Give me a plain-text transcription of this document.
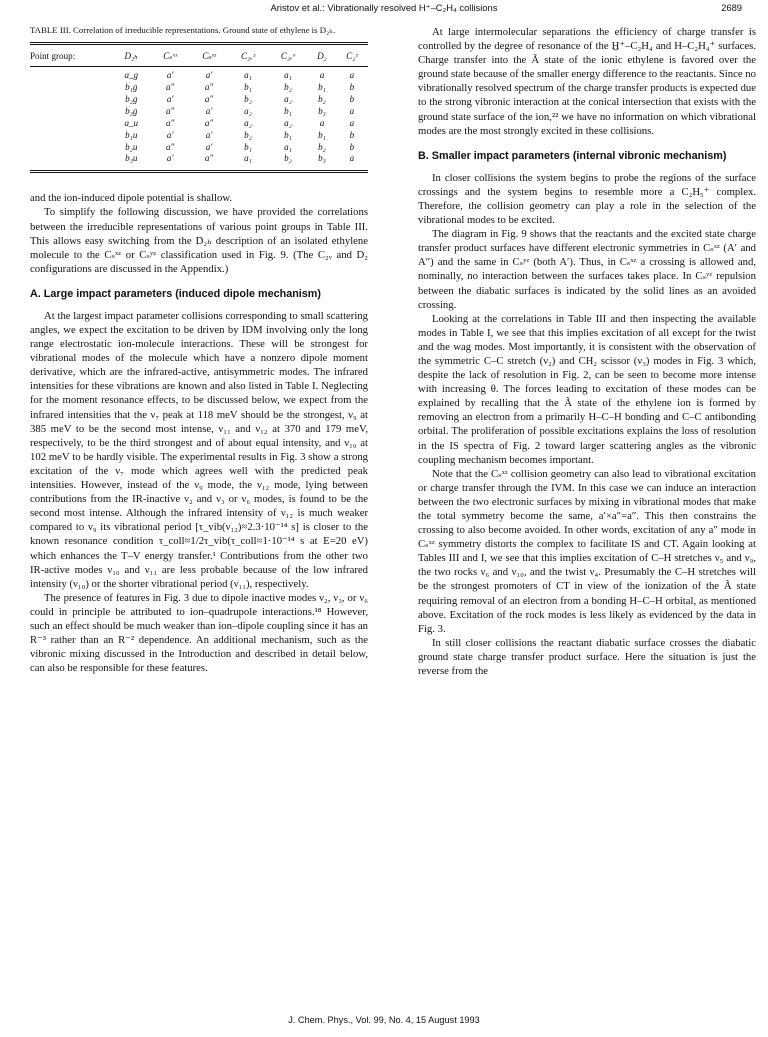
Aristov et al.: Vibrationally resolved H⁺–C₂H₄ collisions	2689
TABLE III. Correlation of irreducible representations. Ground state of ethylene is D₂ₕ.
Point group:	D₂ₕ	Cₛˣᶻ	Cₛʸᶻ	C₂ᵥᶻ	C₂ᵥˣ	D₂	C₂ᶻ
	a_g	a′	a′	a₁	a₁	a	a
	b₁g	a″	a″	b₁	b₂	b₁	b
	b₂g	a′	a″	b₂	a₂	b₂	b
	b₃g	a″	a′	a₂	b₁	b₃	a
	a_u	a″	a″	a₂	a₂	a	a
	b₁u	a′	a′	b₂	b₁	b₁	b
	b₂u	a″	a′	b₁	a₁	b₂	b
	b₃u	a′	a″	a₁	b₂	b₃	a

and the ion-induced dipole potential is shallow.

To simplify the following discussion, we have provided the correlations between the irreducible representations of various point groups in Table III. This allows easy switching from the D₂ₕ description of an isolated ethylene molecule to the Cₛˣᶻ or Cₛʸᶻ classification used in Fig. 9. (The C₂ᵥ and D₂ configurations are discussed in the Appendix.)

A. Large impact parameters (induced dipole mechanism)

At the largest impact parameter collisions corresponding to small scattering angles, we expect the excitation to be driven by IDM involving only the long range electrostatic ion-molecule interactions. These will be strongest for vibrational modes of the molecule which have a nonzero dipole moment derivative, which are the infrared-active, antisymmetric modes. The infrared intensities for these vibrations are known and also listed in Table I. Neglecting for the moment resonance effects, to be discussed below, we expect from the infrared intensities that the ν₇ peak at 118 meV should be the strongest, ν₉ at 385 meV to be the second most intense, ν₁₁ and ν₁₂ at 370 and 179 meV, respectively, to be the third strongest and of about equal intensity, and ν₁₀ at 102 meV to be hardly visible. The experimental results in Fig. 3 show a strong excitation of the ν₇ mode which agrees well with the predicted peak intensities. However, instead of the ν₉ mode, the ν₁₂ mode, lying between contributions from the IR-inactive ν₂ and ν₃ or ν₆ modes, is found to be the second most intense. Although the infrared intensity of ν₁₂ is much weaker compared to ν₉ its vibrational period [τ_vib(ν₁₂)≈2.3·10⁻¹⁴ s] is closer to the known resonance condition τ_coll≈1/2τ_vib(τ_coll≈1·10⁻¹⁴ s at E=20 eV) which enhances the T–V energy transfer.¹ Contributions from the other two IR-active modes ν₁₀ and ν₁₁ are less probable because of the low infrared intensity (ν₁₀) or the shorter vibrational period (ν₁₁), respectively.

The presence of features in Fig. 3 due to dipole inactive modes ν₂, ν₃, or ν₆ could in principle be attributed to ion–quadrupole interactions.¹⁸ However, such an effect should be much weaker than ion–dipole coupling since it has an R⁻³ rather than an R⁻² dependence. An additional mechanism, such as the vibronic mixing discussed in the Introduction and described in detail below, can also be responsible for these features.

At large intermolecular separations the efficiency of charge transfer is controlled by the degree of resonance of the H̲⁺–C₂H₄ and H–C₂H₄⁺ surfaces. Charge transfer into the Ã state of the ionic ethylene is favored over the ground state because of the smaller energy difference to the reactants. Since no vibrationally resolved spectrum of the charge transfer products is expected due to the strong vibronic interaction at the conical intersection that exists with the ground state surface of the ion,²² we have no information on which vibrational modes are the most strongly excited in these collisions.

B. Smaller impact parameters (internal vibronic mechanism)

In closer collisions the system begins to probe the regions of the surface crossings and the system begins to resemble more a C₂H₅⁺ complex. Therefore, the collision geometry can play a role in the selection of the vibrational modes to be excited.

The diagram in Fig. 9 shows that the reactants and the excited state charge transfer product surfaces have different electronic symmetries in Cₛˣᶻ (A′ and A″) and the same in Cₛʸᶻ (both A′). Thus, in Cₛˣᶻ a crossing is allowed and, nominally, no interaction between the surfaces takes place. In Cₛʸᶻ repulsion between the diabatic surfaces is indicated by the solid lines as an avoided crossing.

Looking at the correlations in Table III and then inspecting the available modes in Table I, we see that this implies excitation of all except for the twist and the wag modes. Most importantly, it is consistent with the observation of the symmetric C–C stretch (ν₂) and CH₂ scissor (ν₃) modes in Fig. 3 which, despite the lack of resolution in Fig. 2, can be seen to become more intense with increasing θ. The forces leading to excitation of these modes can be explained by recalling that the Ã state of the ethylene ion is formed by removing an electron from a primarily H–C–H bonding and C–C antibonding orbital. The proliferation of possible excitations explains the loss of resolution in the IS spectra of Fig. 2 toward larger scattering angles as the vibronic coupling mechanism becomes important.

Note that the Cₛˣᶻ collision geometry can also lead to vibrational excitation or charge transfer through the IVM. In this case we can induce an interaction between the two electronic surfaces by mixing in vibrational modes that make the total symmetry become the same, a′×a″=a″. This then constrains the crossing to also become avoided. In other words, excitation of any a″ mode in Cₛˣᶻ symmetry distorts the complex to facilitate IS and CT. Again looking at Tables III and I, we see that this implies excitation of C–H stretches ν₅ and ν₉, the two rocks ν₆ and ν₁₀, and the twist ν₄. Presumably the C–H stretches will be the strongest promoters of CT in view of the ionization of the Ã state requiring removal of an electron from a bonding H–C–H orbital, as mentioned above. Excitation of the rock modes is less likely as evidenced by the data in Fig. 3.

In still closer collisions the reactant diabatic surface crosses the diabatic ground state charge transfer product surface. Here the situation is just the reverse from the

J. Chem. Phys., Vol. 99, No. 4, 15 August 1993
